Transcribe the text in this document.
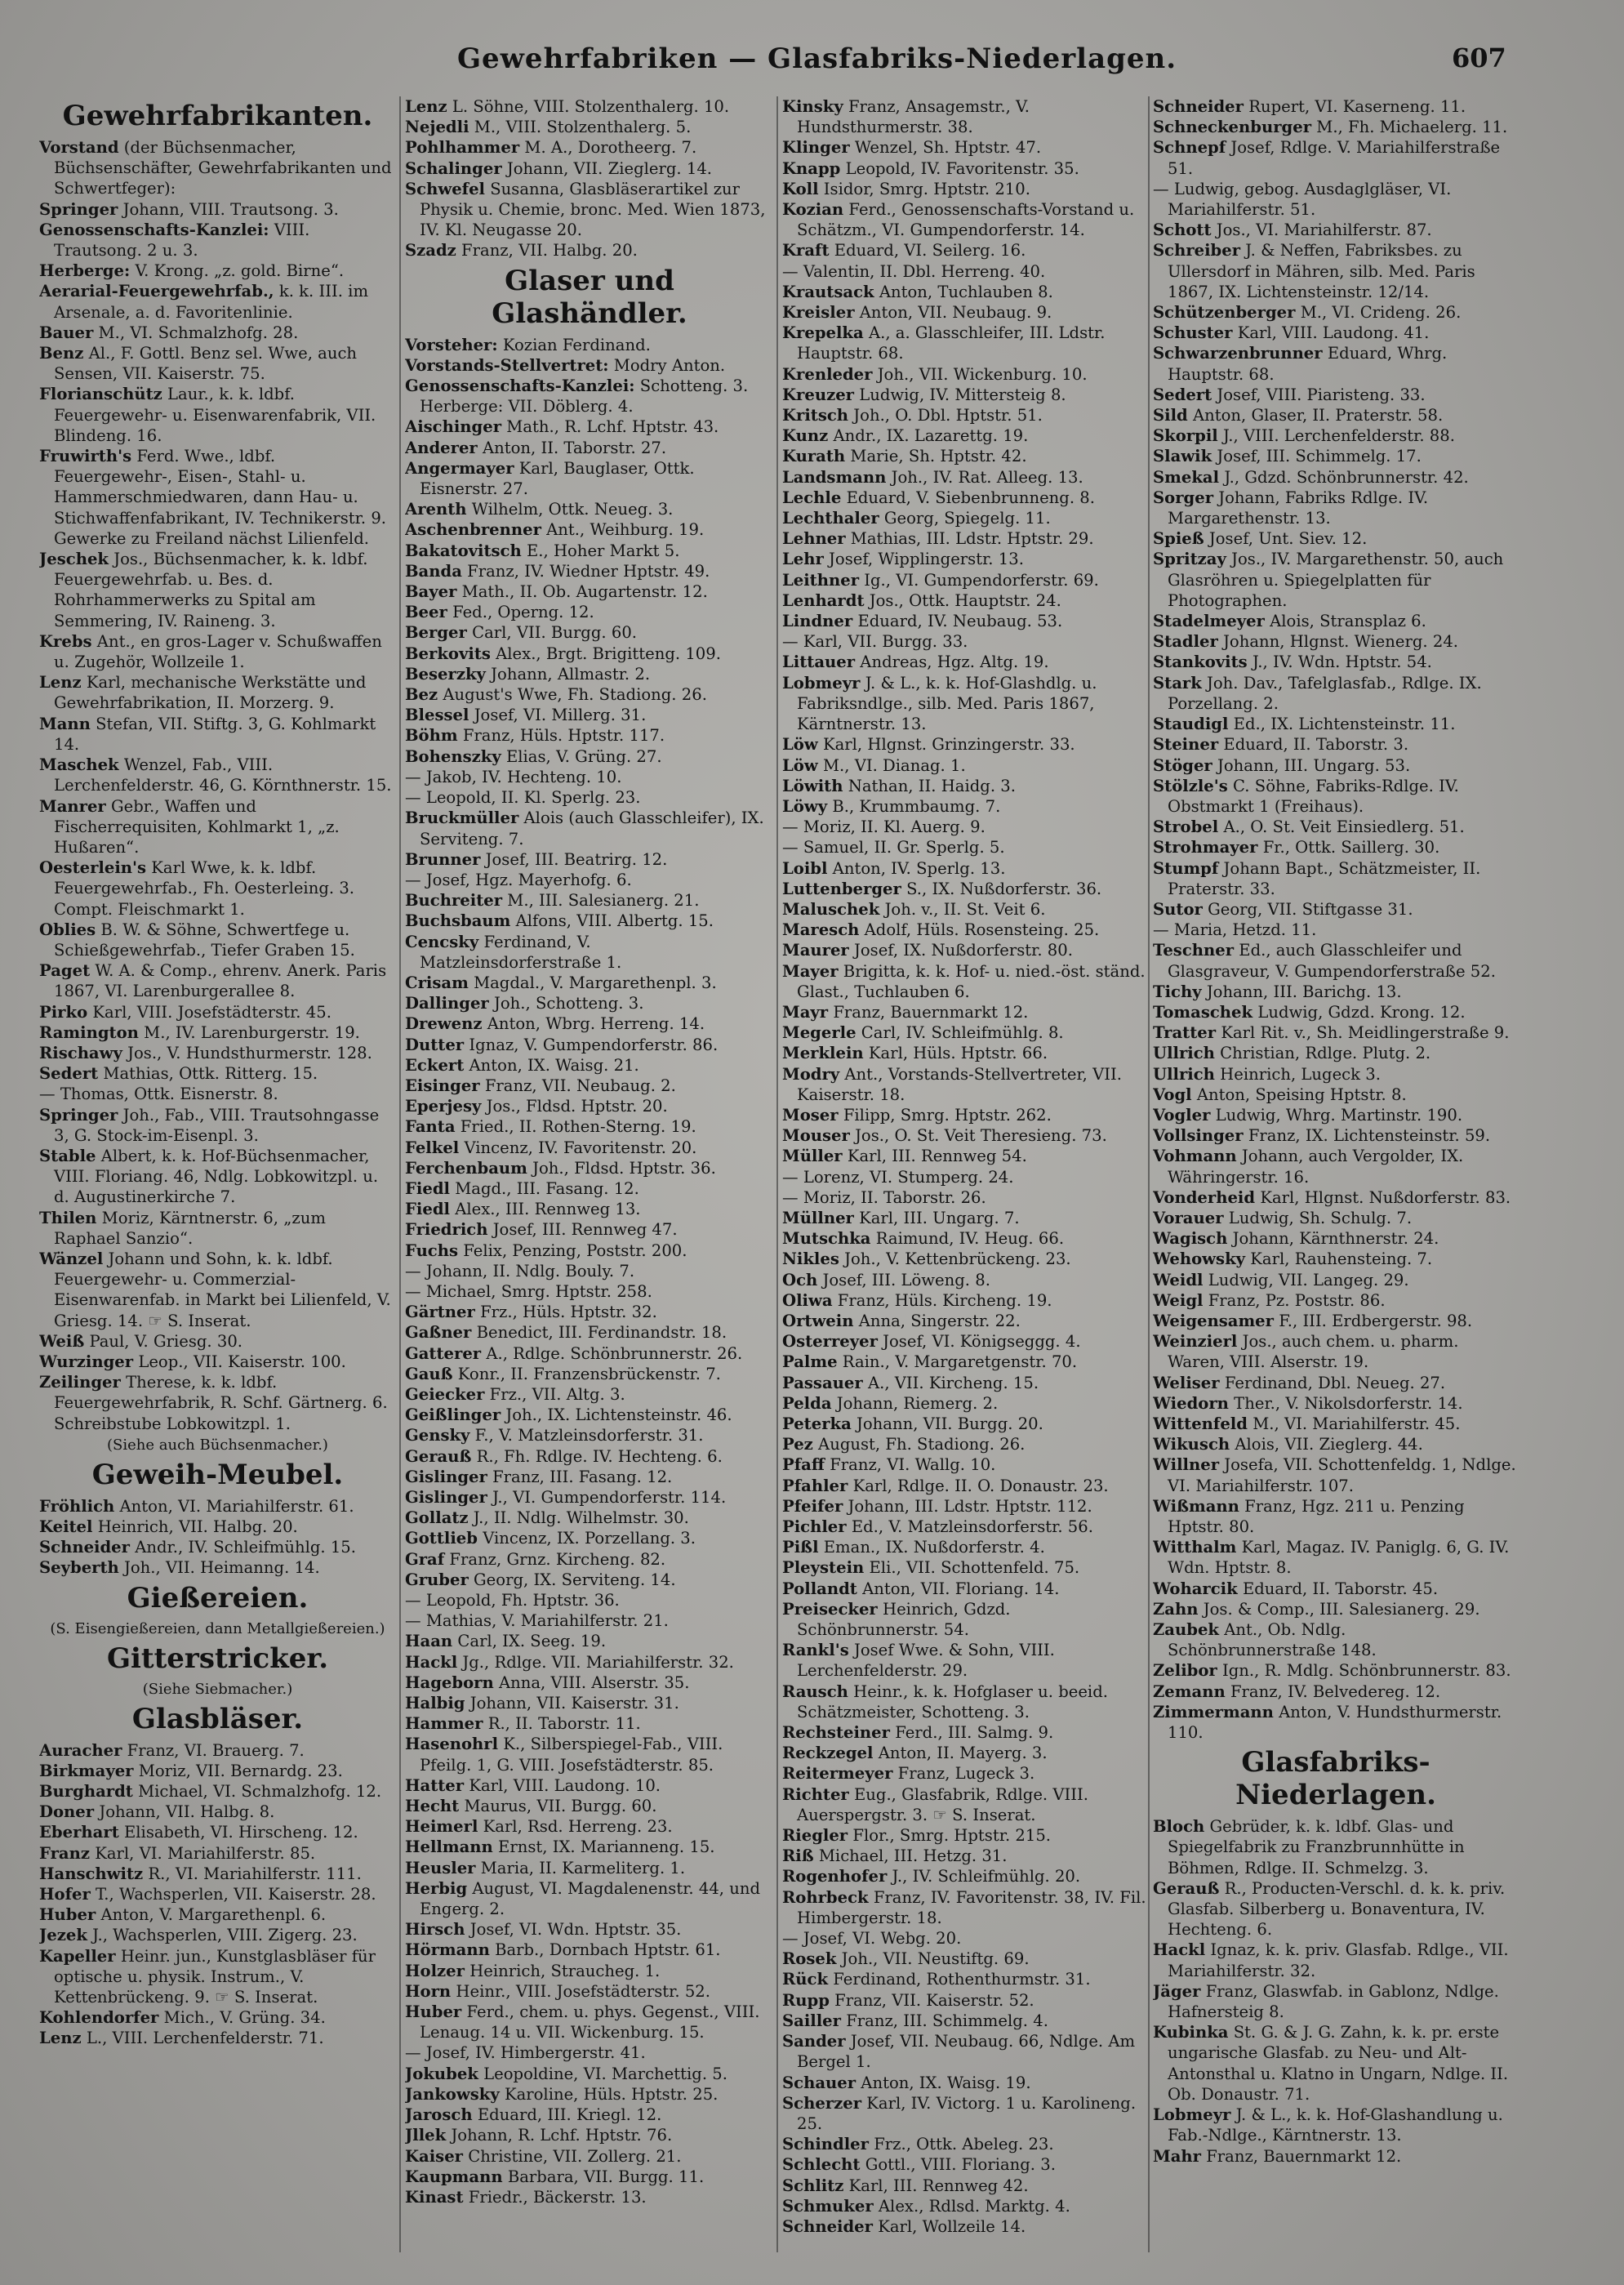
Gewehrfabriken — Glasfabriks-Niederlagen.	607
Gewehrfabrikanten.

Vorstand (der Büchsenmacher, Büchsenschäfter, Gewehrfabrikanten und Schwertfeger):

Springer Johann, VIII. Trautsong. 3.

Genossenschafts-Kanzlei: VIII. Trautsong. 2 u. 3.

Herberge: V. Krong. „z. gold. Birne“.

Aerarial-Feuergewehrfab., k. k. III. im Arsenale, a. d. Favoritenlinie.

Bauer M., VI. Schmalzhofg. 28.

Benz Al., F. Gottl. Benz sel. Wwe, auch Sensen, VII. Kaiserstr. 75.

Florianschütz Laur., k. k. ldbf. Feuergewehr- u. Eisenwarenfabrik, VII. Blindeng. 16.

Fruwirth's Ferd. Wwe., ldbf. Feuergewehr-, Eisen-, Stahl- u. Hammerschmiedwaren, dann Hau- u. Stichwaffenfabrikant, IV. Technikerstr. 9. Gewerke zu Freiland nächst Lilienfeld.

Jeschek Jos., Büchsenmacher, k. k. ldbf. Feuergewehrfab. u. Bes. d. Rohrhammerwerks zu Spital am Semmering, IV. Raineng. 3.

Krebs Ant., en gros-Lager v. Schußwaffen u. Zugehör, Wollzeile 1.

Lenz Karl, mechanische Werkstätte und Gewehrfabrikation, II. Morzerg. 9.

Mann Stefan, VII. Stiftg. 3, G. Kohlmarkt 14.

Maschek Wenzel, Fab., VIII. Lerchenfelderstr. 46, G. Körnthnerstr. 15.

Manrer Gebr., Waffen und Fischerrequisiten, Kohlmarkt 1, „z. Hußaren“.

Oesterlein's Karl Wwe, k. k. ldbf. Feuergewehrfab., Fh. Oesterleing. 3. Compt. Fleischmarkt 1.

Oblies B. W. & Söhne, Schwertfege u. Schießgewehrfab., Tiefer Graben 15.

Paget W. A. & Comp., ehrenv. Anerk. Paris 1867, VI. Larenburgerallee 8.

Pirko Karl, VIII. Josefstädterstr. 45.

Ramington M., IV. Larenburgerstr. 19.

Rischawy Jos., V. Hundsthurmerstr. 128.

Sedert Mathias, Ottk. Ritterg. 15.

— Thomas, Ottk. Eisnerstr. 8.

Springer Joh., Fab., VIII. Trautsohngasse 3, G. Stock-im-Eisenpl. 3.

Stable Albert, k. k. Hof-Büchsenmacher, VIII. Floriang. 46, Ndlg. Lobkowitzpl. u. d. Augustinerkirche 7.

Thilen Moriz, Kärntnerstr. 6, „zum Raphael Sanzio“.

Wänzel Johann und Sohn, k. k. ldbf. Feuergewehr- u. Commerzial-Eisenwarenfab. in Markt bei Lilienfeld, V. Griesg. 14. ☞ S. Inserat.

Weiß Paul, V. Griesg. 30.

Wurzinger Leop., VII. Kaiserstr. 100.

Zeilinger Therese, k. k. ldbf. Feuergewehrfabrik, R. Schf. Gärtnerg. 6. Schreibstube Lobkowitzpl. 1.

(Siehe auch Büchsenmacher.)
Geweih-Meubel.

Fröhlich Anton, VI. Mariahilferstr. 61.

Keitel Heinrich, VII. Halbg. 20.

Schneider Andr., IV. Schleifmühlg. 15.

Seyberth Joh., VII. Heimanng. 14.

Gießereien.
(S. Eisengießereien, dann Metallgießereien.)
Gitterstricker.
(Siehe Siebmacher.)
Glasbläser.

Auracher Franz, VI. Brauerg. 7.

Birkmayer Moriz, VII. Bernardg. 23.

Burghardt Michael, VI. Schmalzhofg. 12.

Doner Johann, VII. Halbg. 8.

Eberhart Elisabeth, VI. Hirscheng. 12.

Franz Karl, VI. Mariahilferstr. 85.

Hanschwitz R., VI. Mariahilferstr. 111.

Hofer T., Wachsperlen, VII. Kaiserstr. 28.

Huber Anton, V. Margarethenpl. 6.

Jezek J., Wachsperlen, VIII. Zigerg. 23.

Kapeller Heinr. jun., Kunstglasbläser für optische u. physik. Instrum., V. Kettenbrückeng. 9. ☞ S. Inserat.

Kohlendorfer Mich., V. Grüng. 34.

Lenz L., VIII. Lerchenfelderstr. 71.

Lenz L. Söhne, VIII. Stolzenthalerg. 10.

Nejedli M., VIII. Stolzenthalerg. 5.

Pohlhammer M. A., Dorotheerg. 7.

Schalinger Johann, VII. Zieglerg. 14.

Schwefel Susanna, Glasbläserartikel zur Physik u. Chemie, bronc. Med. Wien 1873, IV. Kl. Neugasse 20.

Szadz Franz, VII. Halbg. 20.

Glaser und Glashändler.

Vorsteher: Kozian Ferdinand.

Vorstands-Stellvertret: Modry Anton.

Genossenschafts-Kanzlei: Schotteng. 3. Herberge: VII. Döblerg. 4.

Aischinger Math., R. Lchf. Hptstr. 43.

Anderer Anton, II. Taborstr. 27.

Angermayer Karl, Bauglaser, Ottk. Eisnerstr. 27.

Arenth Wilhelm, Ottk. Neueg. 3.

Aschenbrenner Ant., Weihburg. 19.

Bakatovitsch E., Hoher Markt 5.

Banda Franz, IV. Wiedner Hptstr. 49.

Bayer Math., II. Ob. Augartenstr. 12.

Beer Fed., Operng. 12.

Berger Carl, VII. Burgg. 60.

Berkovits Alex., Brgt. Brigitteng. 109.

Beserzky Johann, Allmastr. 2.

Bez August's Wwe, Fh. Stadiong. 26.

Blessel Josef, VI. Millerg. 31.

Böhm Franz, Hüls. Hptstr. 117.

Bohenszky Elias, V. Grüng. 27.

— Jakob, IV. Hechteng. 10.

— Leopold, II. Kl. Sperlg. 23.

Bruckmüller Alois (auch Glasschleifer), IX. Serviteng. 7.

Brunner Josef, III. Beatrirg. 12.

— Josef, Hgz. Mayerhofg. 6.

Buchreiter M., III. Salesianerg. 21.

Buchsbaum Alfons, VIII. Albertg. 15.

Cencsky Ferdinand, V. Matzleinsdorferstraße 1.

Crisam Magdal., V. Margarethenpl. 3.

Dallinger Joh., Schotteng. 3.

Drewenz Anton, Wbrg. Herreng. 14.

Dutter Ignaz, V. Gumpendorferstr. 86.

Eckert Anton, IX. Waisg. 21.

Eisinger Franz, VII. Neubaug. 2.

Eperjesy Jos., Fldsd. Hptstr. 20.

Fanta Fried., II. Rothen-Sterng. 19.

Felkel Vincenz, IV. Favoritenstr. 20.

Ferchenbaum Joh., Fldsd. Hptstr. 36.

Fiedl Magd., III. Fasang. 12.

Fiedl Alex., III. Rennweg 13.

Friedrich Josef, III. Rennweg 47.

Fuchs Felix, Penzing, Poststr. 200.

— Johann, II. Ndlg. Bouly. 7.

— Michael, Smrg. Hptstr. 258.

Gärtner Frz., Hüls. Hptstr. 32.

Gaßner Benedict, III. Ferdinandstr. 18.

Gatterer A., Rdlge. Schönbrunnerstr. 26.

Gauß Konr., II. Franzensbrückenstr. 7.

Geiecker Frz., VII. Altg. 3.

Geißlinger Joh., IX. Lichtensteinstr. 46.

Gensky F., V. Matzleinsdorferstr. 31.

Gerauß R., Fh. Rdlge. IV. Hechteng. 6.

Gislinger Franz, III. Fasang. 12.

Gislinger J., VI. Gumpendorferstr. 114.

Gollatz J., II. Ndlg. Wilhelmstr. 30.

Gottlieb Vincenz, IX. Porzellang. 3.

Graf Franz, Grnz. Kircheng. 82.

Gruber Georg, IX. Serviteng. 14.

— Leopold, Fh. Hptstr. 36.

— Mathias, V. Mariahilferstr. 21.

Haan Carl, IX. Seeg. 19.

Hackl Jg., Rdlge. VII. Mariahilferstr. 32.

Hageborn Anna, VIII. Alserstr. 35.

Halbig Johann, VII. Kaiserstr. 31.

Hammer R., II. Taborstr. 11.

Hasenohrl K., Silberspiegel-Fab., VIII. Pfeilg. 1, G. VIII. Josefstädterstr. 85.

Hatter Karl, VIII. Laudong. 10.

Hecht Maurus, VII. Burgg. 60.

Heimerl Karl, Rsd. Herreng. 23.

Hellmann Ernst, IX. Marianneng. 15.

Heusler Maria, II. Karmeliterg. 1.

Herbig August, VI. Magdalenenstr. 44, und Engerg. 2.

Hirsch Josef, VI. Wdn. Hptstr. 35.

Hörmann Barb., Dornbach Hptstr. 61.

Holzer Heinrich, Straucheg. 1.

Horn Heinr., VIII. Josefstädterstr. 52.

Huber Ferd., chem. u. phys. Gegenst., VIII. Lenaug. 14 u. VII. Wickenburg. 15.

— Josef, IV. Himbergerstr. 41.

Jokubek Leopoldine, VI. Marchettig. 5.

Jankowsky Karoline, Hüls. Hptstr. 25.

Jarosch Eduard, III. Kriegl. 12.

Jllek Johann, R. Lchf. Hptstr. 76.

Kaiser Christine, VII. Zollerg. 21.

Kaupmann Barbara, VII. Burgg. 11.

Kinast Friedr., Bäckerstr. 13.

Kinsky Franz, Ansagemstr., V. Hundsthurmerstr. 38.

Klinger Wenzel, Sh. Hptstr. 47.

Knapp Leopold, IV. Favoritenstr. 35.

Koll Isidor, Smrg. Hptstr. 210.

Kozian Ferd., Genossenschafts-Vorstand u. Schätzm., VI. Gumpendorferstr. 14.

Kraft Eduard, VI. Seilerg. 16.

— Valentin, II. Dbl. Herreng. 40.

Krautsack Anton, Tuchlauben 8.

Kreisler Anton, VII. Neubaug. 9.

Krepelka A., a. Glasschleifer, III. Ldstr. Hauptstr. 68.

Krenleder Joh., VII. Wickenburg. 10.

Kreuzer Ludwig, IV. Mittersteig 8.

Kritsch Joh., O. Dbl. Hptstr. 51.

Kunz Andr., IX. Lazarettg. 19.

Kurath Marie, Sh. Hptstr. 42.

Landsmann Joh., IV. Rat. Alleeg. 13.

Lechle Eduard, V. Siebenbrunneng. 8.

Lechthaler Georg, Spiegelg. 11.

Lehner Mathias, III. Ldstr. Hptstr. 29.

Lehr Josef, Wipplingerstr. 13.

Leithner Ig., VI. Gumpendorferstr. 69.

Lenhardt Jos., Ottk. Hauptstr. 24.

Lindner Eduard, IV. Neubaug. 53.

— Karl, VII. Burgg. 33.

Littauer Andreas, Hgz. Altg. 19.

Lobmeyr J. & L., k. k. Hof-Glashdlg. u. Fabriksndlge., silb. Med. Paris 1867, Kärntnerstr. 13.

Löw Karl, Hlgnst. Grinzingerstr. 33.

Löw M., VI. Dianag. 1.

Löwith Nathan, II. Haidg. 3.

Löwy B., Krummbaumg. 7.

— Moriz, II. Kl. Auerg. 9.

— Samuel, II. Gr. Sperlg. 5.

Loibl Anton, IV. Sperlg. 13.

Luttenberger S., IX. Nußdorferstr. 36.

Maluschek Joh. v., II. St. Veit 6.

Maresch Adolf, Hüls. Rosensteing. 25.

Maurer Josef, IX. Nußdorferstr. 80.

Mayer Brigitta, k. k. Hof- u. nied.-öst. ständ. Glast., Tuchlauben 6.

Mayr Franz, Bauernmarkt 12.

Megerle Carl, IV. Schleifmühlg. 8.

Merklein Karl, Hüls. Hptstr. 66.

Modry Ant., Vorstands-Stellvertreter, VII. Kaiserstr. 18.

Moser Filipp, Smrg. Hptstr. 262.

Mouser Jos., O. St. Veit Theresieng. 73.

Müller Karl, III. Rennweg 54.

— Lorenz, VI. Stumperg. 24.

— Moriz, II. Taborstr. 26.

Müllner Karl, III. Ungarg. 7.

Mutschka Raimund, IV. Heug. 66.

Nikles Joh., V. Kettenbrückeng. 23.

Och Josef, III. Löweng. 8.

Oliwa Franz, Hüls. Kircheng. 19.

Ortwein Anna, Singerstr. 22.

Osterreyer Josef, VI. Königseggg. 4.

Palme Rain., V. Margaretgenstr. 70.

Passauer A., VII. Kircheng. 15.

Pelda Johann, Riemerg. 2.

Peterka Johann, VII. Burgg. 20.

Pez August, Fh. Stadiong. 26.

Pfaff Franz, VI. Wallg. 10.

Pfahler Karl, Rdlge. II. O. Donaustr. 23.

Pfeifer Johann, III. Ldstr. Hptstr. 112.

Pichler Ed., V. Matzleinsdorferstr. 56.

Pißl Eman., IX. Nußdorferstr. 4.

Pleystein Eli., VII. Schottenfeld. 75.

Pollandt Anton, VII. Floriang. 14.

Preisecker Heinrich, Gdzd. Schönbrunnerstr. 54.

Rankl's Josef Wwe. & Sohn, VIII. Lerchenfelderstr. 29.

Rausch Heinr., k. k. Hofglaser u. beeid. Schätzmeister, Schotteng. 3.

Rechsteiner Ferd., III. Salmg. 9.

Reckzegel Anton, II. Mayerg. 3.

Reitermeyer Franz, Lugeck 3.

Richter Eug., Glasfabrik, Rdlge. VIII. Auerspergstr. 3. ☞ S. Inserat.

Riegler Flor., Smrg. Hptstr. 215.

Riß Michael, III. Hetzg. 31.

Rogenhofer J., IV. Schleifmühlg. 20.

Rohrbeck Franz, IV. Favoritenstr. 38, IV. Fil. Himbergerstr. 18.

— Josef, VI. Webg. 20.

Rosek Joh., VII. Neustiftg. 69.

Rück Ferdinand, Rothenthurmstr. 31.

Rupp Franz, VII. Kaiserstr. 52.

Sailler Franz, III. Schimmelg. 4.

Sander Josef, VII. Neubaug. 66, Ndlge. Am Bergel 1.

Schauer Anton, IX. Waisg. 19.

Scherzer Karl, IV. Victorg. 1 u. Karolineng. 25.

Schindler Frz., Ottk. Abeleg. 23.

Schlecht Gottl., VIII. Floriang. 3.

Schlitz Karl, III. Rennweg 42.

Schmuker Alex., Rdlsd. Marktg. 4.

Schneider Karl, Wollzeile 14.

Schneider Rupert, VI. Kaserneng. 11.

Schneckenburger M., Fh. Michaelerg. 11.

Schnepf Josef, Rdlge. V. Mariahilferstraße 51.

— Ludwig, gebog. Ausdaglgläser, VI. Mariahilferstr. 51.

Schott Jos., VI. Mariahilferstr. 87.

Schreiber J. & Neffen, Fabriksbes. zu Ullersdorf in Mähren, silb. Med. Paris 1867, IX. Lichtensteinstr. 12/14.

Schützenberger M., VI. Crideng. 26.

Schuster Karl, VIII. Laudong. 41.

Schwarzenbrunner Eduard, Whrg. Hauptstr. 68.

Sedert Josef, VIII. Piaristeng. 33.

Sild Anton, Glaser, II. Praterstr. 58.

Skorpil J., VIII. Lerchenfelderstr. 88.

Slawik Josef, III. Schimmelg. 17.

Smekal J., Gdzd. Schönbrunnerstr. 42.

Sorger Johann, Fabriks Rdlge. IV. Margarethenstr. 13.

Spieß Josef, Unt. Siev. 12.

Spritzay Jos., IV. Margarethenstr. 50, auch Glasröhren u. Spiegelplatten für Photographen.

Stadelmeyer Alois, Stransplaz 6.

Stadler Johann, Hlgnst. Wienerg. 24.

Stankovits J., IV. Wdn. Hptstr. 54.

Stark Joh. Dav., Tafelglasfab., Rdlge. IX. Porzellang. 2.

Staudigl Ed., IX. Lichtensteinstr. 11.

Steiner Eduard, II. Taborstr. 3.

Stöger Johann, III. Ungarg. 53.

Stölzle's C. Söhne, Fabriks-Rdlge. IV. Obstmarkt 1 (Freihaus).

Strobel A., O. St. Veit Einsiedlerg. 51.

Strohmayer Fr., Ottk. Saillerg. 30.

Stumpf Johann Bapt., Schätzmeister, II. Praterstr. 33.

Sutor Georg, VII. Stiftgasse 31.

— Maria, Hetzd. 11.

Teschner Ed., auch Glasschleifer und Glasgraveur, V. Gumpendorferstraße 52.

Tichy Johann, III. Barichg. 13.

Tomaschek Ludwig, Gdzd. Krong. 12.

Tratter Karl Rit. v., Sh. Meidlingerstraße 9.

Ullrich Christian, Rdlge. Plutg. 2.

Ullrich Heinrich, Lugeck 3.

Vogl Anton, Speising Hptstr. 8.

Vogler Ludwig, Whrg. Martinstr. 190.

Vollsinger Franz, IX. Lichtensteinstr. 59.

Vohmann Johann, auch Vergolder, IX. Währingerstr. 16.

Vonderheid Karl, Hlgnst. Nußdorferstr. 83.

Vorauer Ludwig, Sh. Schulg. 7.

Wagisch Johann, Kärnthnerstr. 24.

Wehowsky Karl, Rauhensteing. 7.

Weidl Ludwig, VII. Langeg. 29.

Weigl Franz, Pz. Poststr. 86.

Weigensamer F., III. Erdbergerstr. 98.

Weinzierl Jos., auch chem. u. pharm. Waren, VIII. Alserstr. 19.

Weliser Ferdinand, Dbl. Neueg. 27.

Wiedorn Ther., V. Nikolsdorferstr. 14.

Wittenfeld M., VI. Mariahilferstr. 45.

Wikusch Alois, VII. Zieglerg. 44.

Willner Josefa, VII. Schottenfeldg. 1, Ndlge. VI. Mariahilferstr. 107.

Wißmann Franz, Hgz. 211 u. Penzing Hptstr. 80.

Witthalm Karl, Magaz. IV. Paniglg. 6, G. IV. Wdn. Hptstr. 8.

Woharcik Eduard, II. Taborstr. 45.

Zahn Jos. & Comp., III. Salesianerg. 29.

Zaubek Ant., Ob. Ndlg. Schönbrunnerstraße 148.

Zelibor Ign., R. Mdlg. Schönbrunnerstr. 83.

Zemann Franz, IV. Belvedereg. 12.

Zimmermann Anton, V. Hundsthurmerstr. 110.

Glasfabriks-Niederlagen.

Bloch Gebrüder, k. k. ldbf. Glas- und Spiegelfabrik zu Franzbrunnhütte in Böhmen, Rdlge. II. Schmelzg. 3.

Gerauß R., Producten-Verschl. d. k. k. priv. Glasfab. Silberberg u. Bonaventura, IV. Hechteng. 6.

Hackl Ignaz, k. k. priv. Glasfab. Rdlge., VII. Mariahilferstr. 32.

Jäger Franz, Glaswfab. in Gablonz, Ndlge. Hafnersteig 8.

Kubinka St. G. & J. G. Zahn, k. k. pr. erste ungarische Glasfab. zu Neu- und Alt-Antonsthal u. Klatno in Ungarn, Ndlge. II. Ob. Donaustr. 71.

Lobmeyr J. & L., k. k. Hof-Glashandlung u. Fab.-Ndlge., Kärntnerstr. 13.

Mahr Franz, Bauernmarkt 12.
